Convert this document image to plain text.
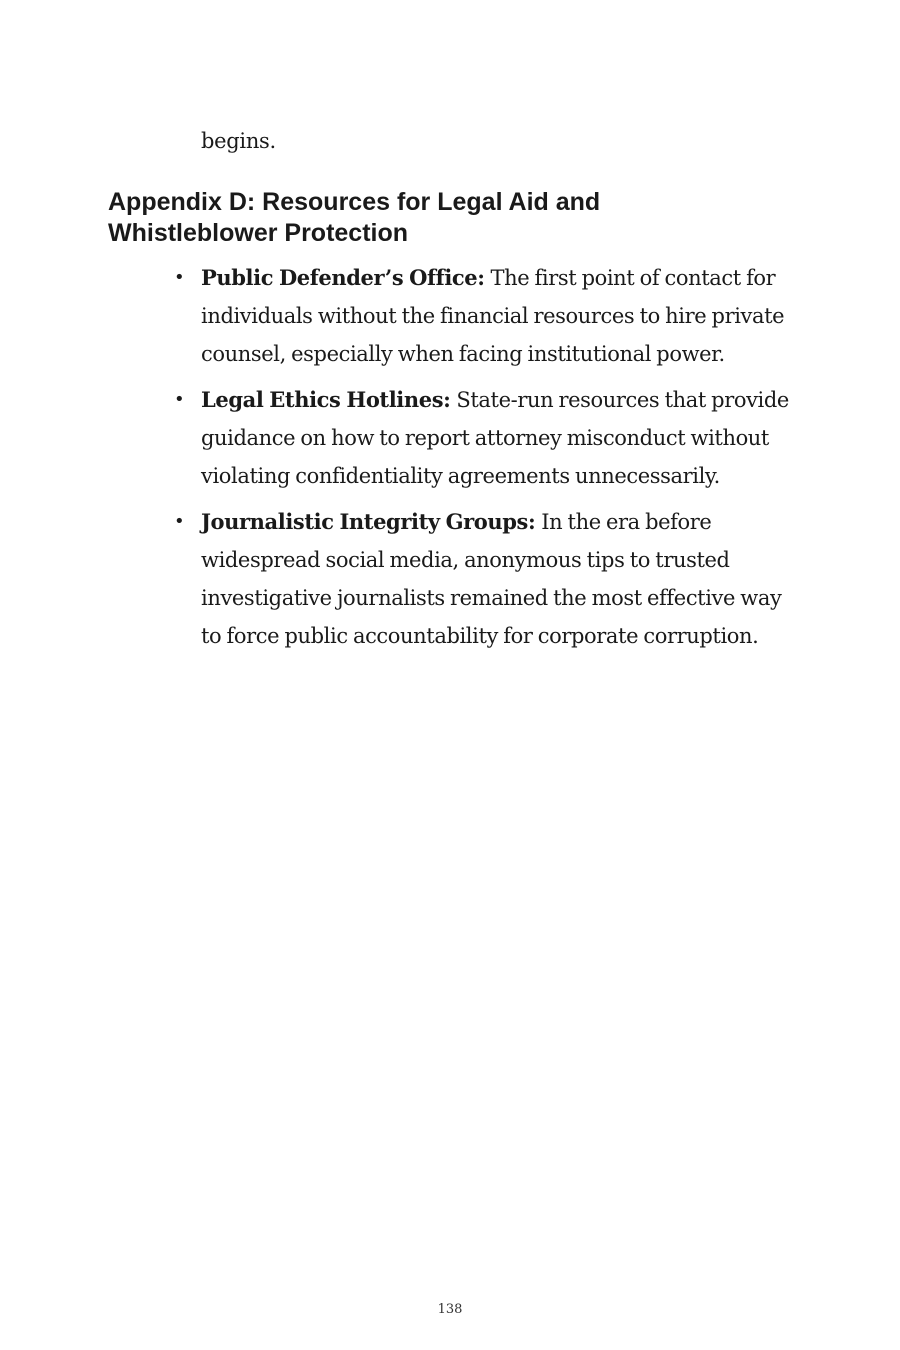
begins.
Appendix D: Resources for Legal Aid and Whistleblower Protection
• Public Defender’s Office: The first point of contact for individuals without the financial resources to hire private counsel, especially when facing institutional power.
• Legal Ethics Hotlines: State-run resources that provide guidance on how to report attorney misconduct without violating confidentiality agreements unnecessarily.
• Journalistic Integrity Groups: In the era before widespread social media, anonymous tips to trusted investigative journalists remained the most effective way to force public accountability for corporate corruption.
138
